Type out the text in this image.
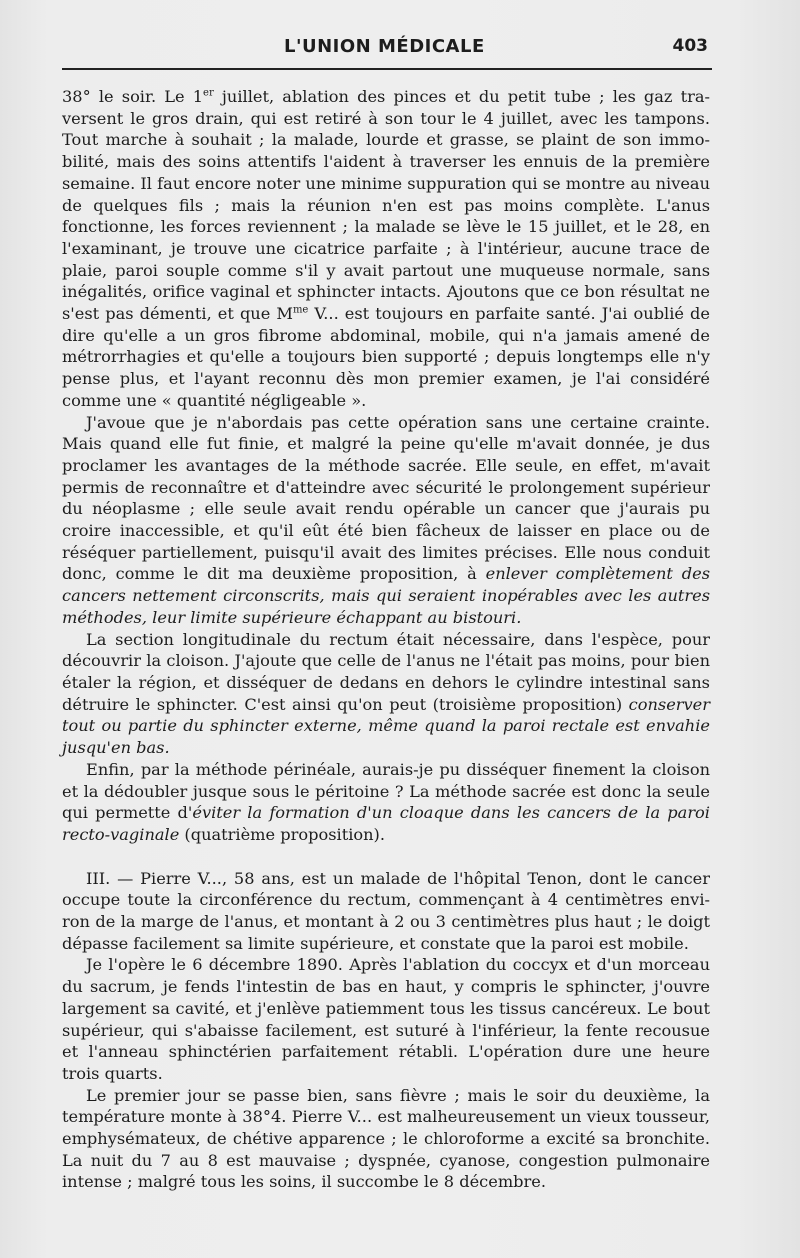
L'UNION MÉDICALE	403

38° le soir. Le 1er juillet, ablation des pinces et du petit tube ; les gaz traversent le gros drain, qui est retiré à son tour le 4 juillet, avec les tampons. Tout marche à souhait ; la malade, lourde et grasse, se plaint de son immobilité, mais des soins attentifs l'aident à traverser les ennuis de la première semaine. Il faut encore noter une minime suppuration qui se montre au niveau de quelques fils ; mais la réunion n'en est pas moins complète. L'anus fonctionne, les forces reviennent ; la malade se lève le 15 juillet, et le 28, en l'examinant, je trouve une cicatrice parfaite ; à l'intérieur, aucune trace de plaie, paroi souple comme s'il y avait partout une muqueuse normale, sans inégalités, orifice vaginal et sphincter intacts. Ajoutons que ce bon résultat ne s'est pas démenti, et que $M^{me}$ V... est toujours en parfaite santé. J'ai oublié de dire qu'elle a un gros fibrome abdominal, mobile, qui n'a jamais amené de métrorrhagies et qu'elle a toujours bien supporté ; depuis longtemps elle n'y pense plus, et l'ayant reconnu dès mon premier examen, je l'ai considéré comme une « quantité négligeable ».

J'avoue que je n'abordais pas cette opération sans une certaine crainte. Mais quand elle fut finie, et malgré la peine qu'elle m'avait donnée, je dus proclamer les avantages de la méthode sacrée. Elle seule, en effet, m'avait permis de reconnaître et d'atteindre avec sécurité le prolongement supérieur du néoplasme ; elle seule avait rendu opérable un cancer que j'aurais pu croire inaccessible, et qu'il eût été bien fâcheux de laisser en place ou de réséquer partiellement, puisqu'il avait des limites précises. Elle nous conduit donc, comme le dit ma deuxième proposition, à enlever complètement des cancers nettement circonscrits, mais qui seraient inopérables avec les autres méthodes, leur limite supérieure échappant au bistouri.

La section longitudinale du rectum était nécessaire, dans l'espèce, pour découvrir la cloison. J'ajoute que celle de l'anus ne l'était pas moins, pour bien étaler la région, et disséquer de dedans en dehors le cylindre intestinal sans détruire le sphincter. C'est ainsi qu'on peut (troisième proposition) conserver tout ou partie du sphincter externe, même quand la paroi rectale est envahie jusqu'en bas.

Enfin, par la méthode périnéale, aurais-je pu disséquer finement la cloison et la dédoubler jusque sous le péritoine ? La méthode sacrée est donc la seule qui permette d'éviter la formation d'un cloaque dans les cancers de la paroi recto-vaginale (quatrième proposition).

III. — Pierre V..., 58 ans, est un malade de l'hôpital Tenon, dont le cancer occupe toute la circonférence du rectum, commençant à 4 centimètres environ de la marge de l'anus, et montant à 2 ou 3 centimètres plus haut ; le doigt dépasse facilement sa limite supérieure, et constate que la paroi est mobile.

Je l'opère le 6 décembre 1890. Après l'ablation du coccyx et d'un morceau du sacrum, je fends l'intestin de bas en haut, y compris le sphincter, j'ouvre largement sa cavité, et j'enlève patiemment tous les tissus cancéreux. Le bout supérieur, qui s'abaisse facilement, est suturé à l'inférieur, la fente recousue et l'anneau sphinctérien parfaitement rétabli. L'opération dure une heure trois quarts.

Le premier jour se passe bien, sans fièvre ; mais le soir du deuxième, la température monte à 38°4. Pierre V... est malheureusement un vieux tousseur, emphysémateux, de chétive apparence ; le chloroforme a excité sa bronchite. La nuit du 7 au 8 est mauvaise ; dyspnée, cyanose, congestion pulmonaire intense ; malgré tous les soins, il succombe le 8 décembre.
